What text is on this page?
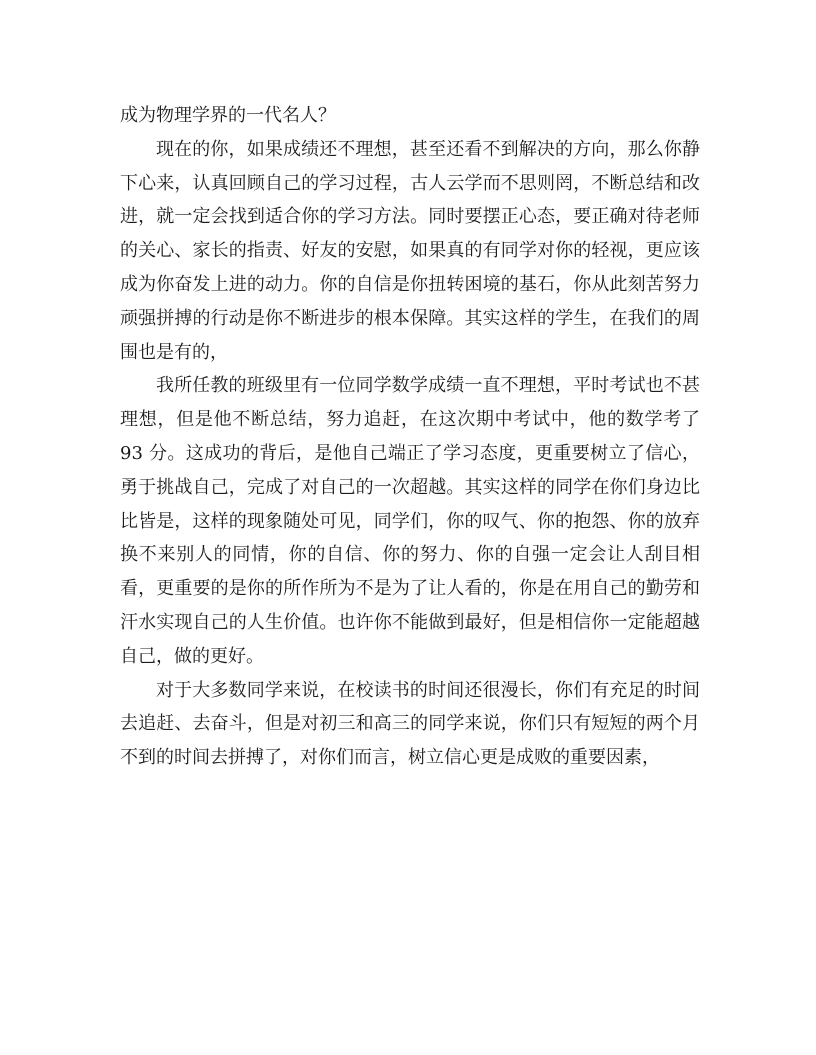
成为物理学界的一代名人？

现在的你，如果成绩还不理想，甚至还看不到解决的方向，那么你静下心来，认真回顾自己的学习过程，古人云学而不思则罔，不断总结和改进，就一定会找到适合你的学习方法。同时要摆正心态，要正确对待老师的关心、家长的指责、好友的安慰，如果真的有同学对你的轻视，更应该成为你奋发上进的动力。你的自信是你扭转困境的基石，你从此刻苦努力顽强拼搏的行动是你不断进步的根本保障。其实这样的学生，在我们的周围也是有的，

我所任教的班级里有一位同学数学成绩一直不理想，平时考试也不甚理想，但是他不断总结，努力追赶，在这次期中考试中，他的数学考了 93 分。这成功的背后，是他自己端正了学习态度，更重要树立了信心，勇于挑战自己，完成了对自己的一次超越。其实这样的同学在你们身边比比皆是，这样的现象随处可见，同学们，你的叹气、你的抱怨、你的放弃换不来别人的同情，你的自信、你的努力、你的自强一定会让人刮目相看，更重要的是你的所作所为不是为了让人看的，你是在用自己的勤劳和汗水实现自己的人生价值。也许你不能做到最好，但是相信你一定能超越自己，做的更好。

对于大多数同学来说，在校读书的时间还很漫长，你们有充足的时间去追赶、去奋斗，但是对初三和高三的同学来说，你们只有短短的两个月不到的时间去拼搏了，对你们而言，树立信心更是成败的重要因素，
